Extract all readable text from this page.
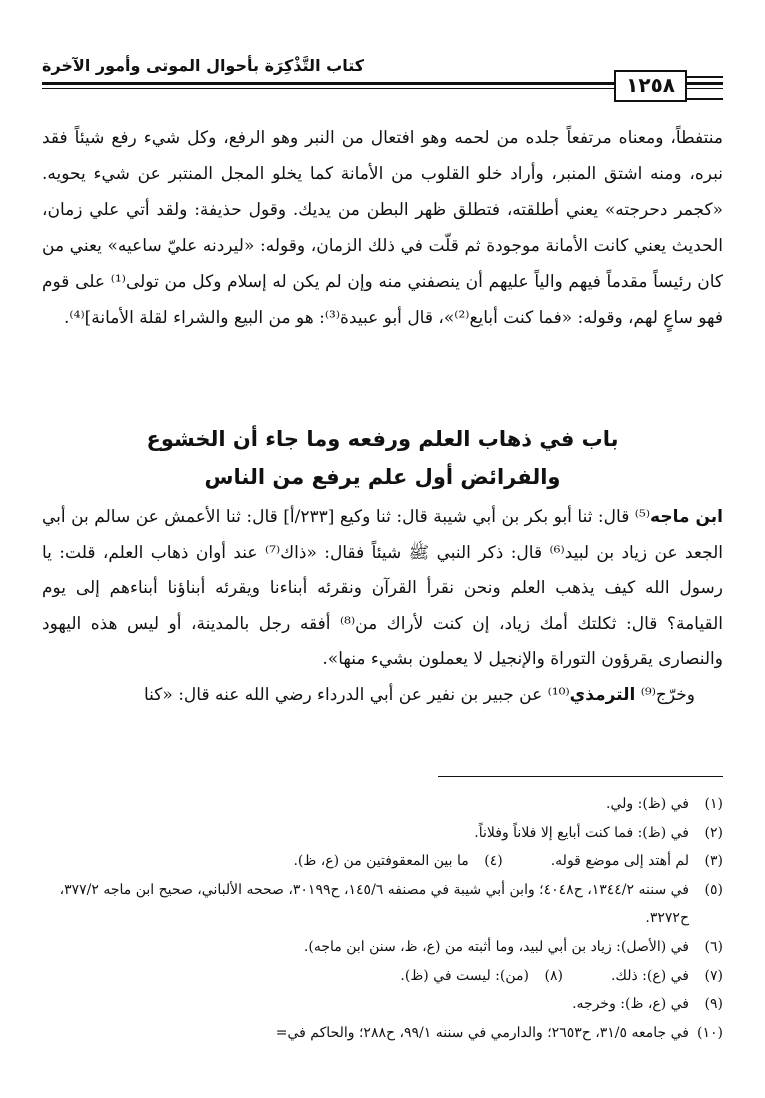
كتاب التَّذْكِرَة بأحوال الموتى وأمور الآخرة
١٢٥٨

منتفطاً، ومعناه مرتفعاً جلده من لحمه وهو افتعال من النبر وهو الرفع، وكل شيء رفع شيئاً فقد نبره، ومنه اشتق المنبر، وأراد خلو القلوب من الأمانة كما يخلو المجل المنتبر عن شيء يحويه. «كجمر دحرجته» يعني أطلقته، فتطلق ظهر البطن من يديك. وقول حذيفة: ولقد أتي علي زمان، الحديث يعني كانت الأمانة موجودة ثم قلّت في ذلك الزمان، وقوله: «ليردنه عليّ ساعيه» يعني من كان رئيساً مقدماً فيهم والياً عليهم أن ينصفني منه وإن لم يكن له إسلام وكل من تولى⁽¹⁾ على قوم فهو ساعٍ لهم، وقوله: «فما كنت أبايع⁽²⁾»، قال أبو عبيدة⁽³⁾: هو من البيع والشراء لقلة الأمانة]⁽⁴⁾.

باب في ذهاب العلم ورفعه وما جاء أن الخشوع
والفرائض أول علم يرفع من الناس

ابن ماجه⁽⁵⁾ قال: ثنا أبو بكر بن أبي شيبة قال: ثنا وكيع [٢٣٣/أ] قال: ثنا الأعمش عن سالم بن أبي الجعد عن زياد بن لبيد⁽⁶⁾ قال: ذكر النبي ﷺ شيئاً فقال: «ذاك⁽⁷⁾ عند أوان ذهاب العلم، قلت: يا رسول الله كيف يذهب العلم ونحن نقرأ القرآن ونقرئه أبناءنا ويقرئه أبناؤنا أبناءهم إلى يوم القيامة؟ قال: ثكلتك أمك زياد، إن كنت لأراك من⁽⁸⁾ أفقه رجل بالمدينة، أو ليس هذه اليهود والنصارى يقرؤون التوراة والإنجيل لا يعملون بشيء منها».

وخرّج⁽⁹⁾ الترمذي⁽¹⁰⁾ عن جبير بن نفير عن أبي الدرداء رضي الله عنه قال: «كنا

(١)
في (ظ): ولي.
(٢)
في (ظ): فما كنت أبايع إلا فلاناً وفلاناً.
(٣)
لم أهتد إلى موضع قوله.
(٤)
ما بين المعقوفتين من (ع، ظ).
(٥)
في سننه ١٣٤٤/٢، ح٤٠٤٨؛ وابن أبي شيبة في مصنفه ١٤٥/٦، ح٣٠١٩٩، صححه الألباني، صحيح ابن ماجه ٣٧٧/٢، ح٣٢٧٢.
(٦)
في (الأصل): زياد بن أبي لبيد، وما أثبته من (ع، ظ، سنن ابن ماجه).
(٧)
في (ع): ذلك.
(٨)
(من): ليست في (ظ).
(٩)
في (ع، ظ): وخرجه.
(١٠)
في جامعه ٣١/٥، ح٢٦٥٣؛ والدارمي في سننه ٩٩/١، ح٢٨٨؛ والحاكم في=
